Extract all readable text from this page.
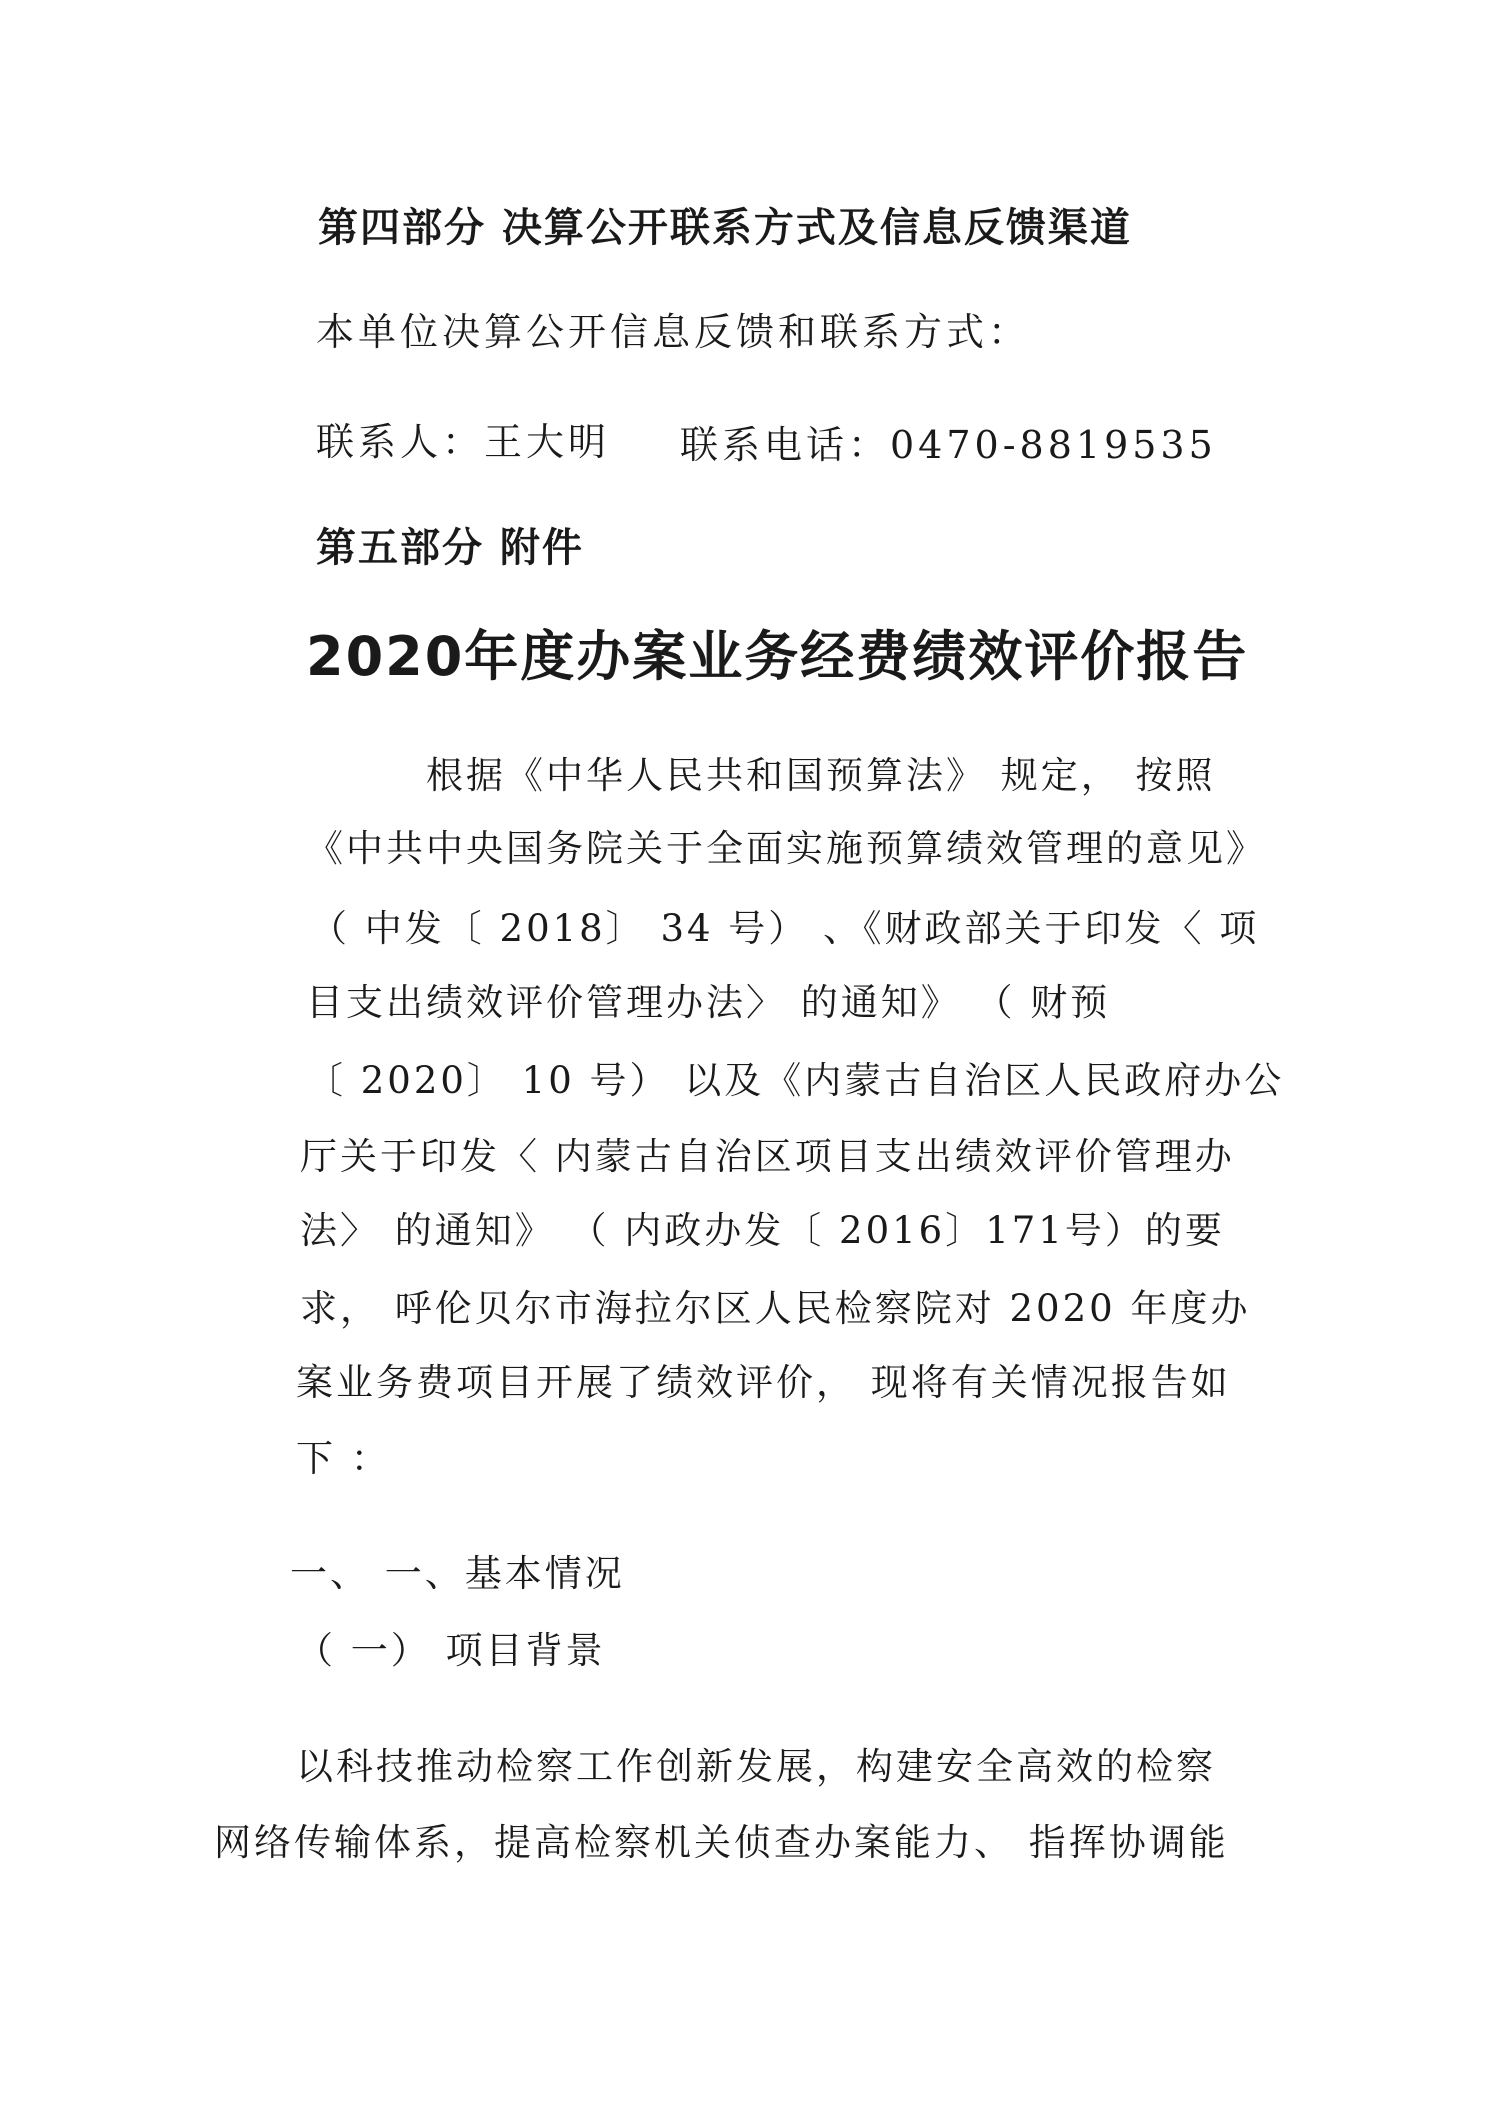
第四部分 决算公开联系方式及信息反馈渠道
本单位决算公开信息反馈和联系方式：
联系人：王大明 联系电话：0470-8819535
第五部分 附件
2020年度办案业务经费绩效评价报告
根据《中华人民共和国预算法》 规定， 按照
《中共中央国务院关于全面实施预算绩效管理的意见》
（ 中发〔 2018〕 34 号） 、《财政部关于印发〈 项
目支出绩效评价管理办法〉 的通知》 （ 财预
〔 2020〕 10 号） 以及《内蒙古自治区人民政府办公
厅关于印发〈 内蒙古自治区项目支出绩效评价管理办
法〉 的通知》 （ 内政办发〔 2016〕171号）的要
求， 呼伦贝尔市海拉尔区人民检察院对 2020 年度办
案业务费项目开展了绩效评价， 现将有关情况报告如
下 ：
一、 一、基本情况
（ 一） 项目背景
以科技推动检察工作创新发展，构建安全高效的检察
网络传输体系，提高检察机关侦查办案能力、 指挥协调能
